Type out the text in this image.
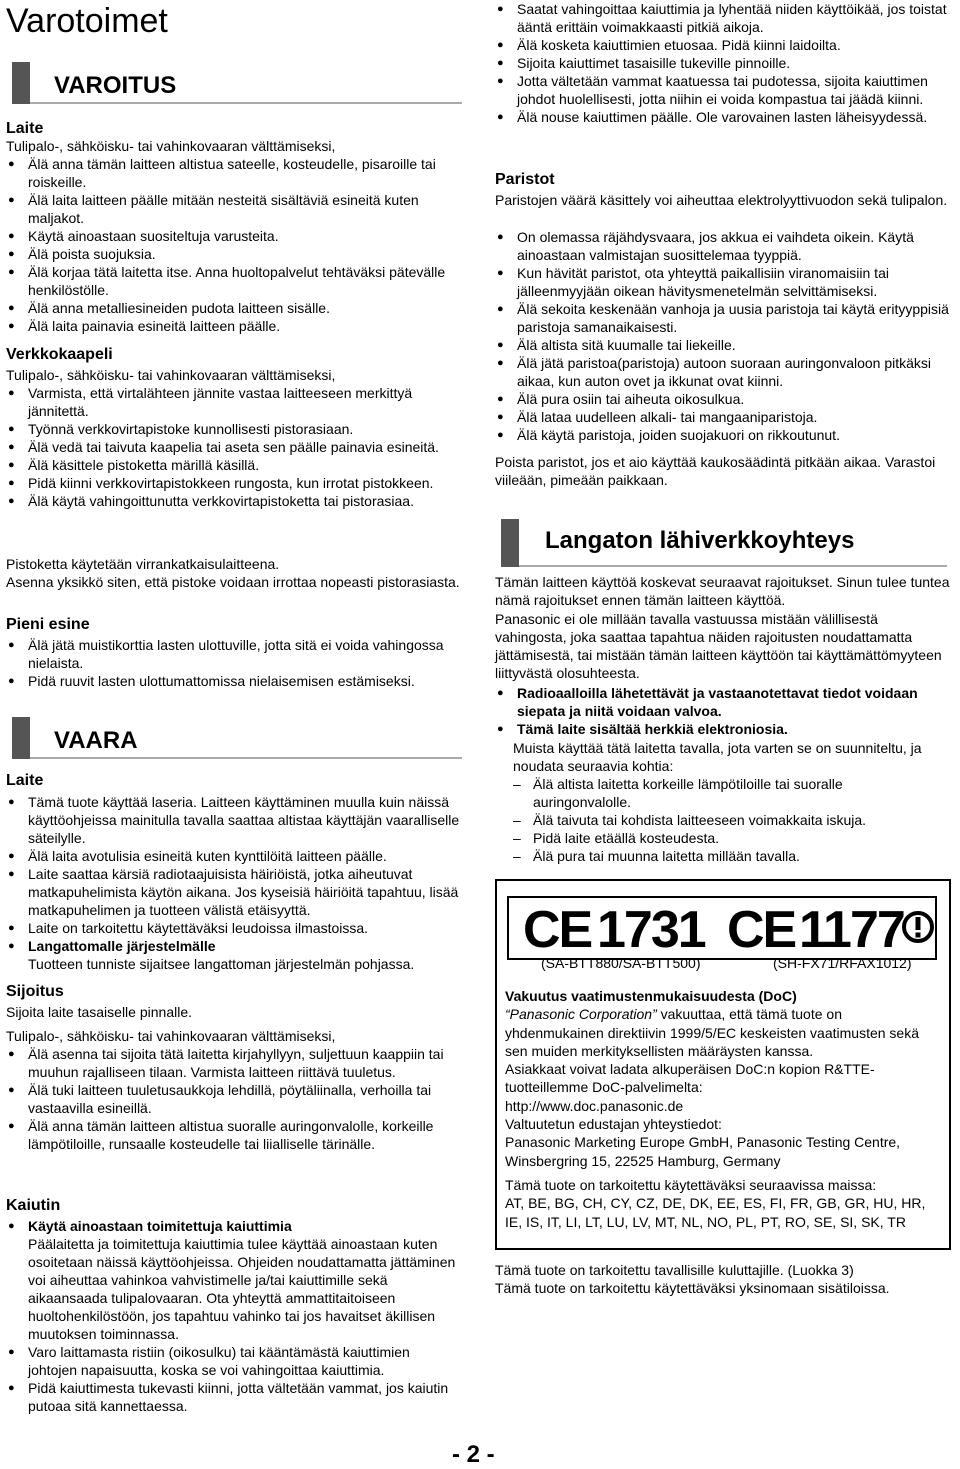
Varotoimet
VAROITUS
Laite
Tulipalo-, sähköisku- tai vahinkovaaran välttämiseksi,
● Älä anna tämän laitteen altistua sateelle, kosteudelle, pisaroille tai roiskeille.
● Älä laita laitteen päälle mitään nesteitä sisältäviä esineitä kuten maljakot.
● Käytä ainoastaan suositeltuja varusteita.
● Älä poista suojuksia.
● Älä korjaa tätä laitetta itse. Anna huoltopalvelut tehtäväksi pätevälle henkilöstölle.
● Älä anna metalliesineiden pudota laitteen sisälle.
● Älä laita painavia esineitä laitteen päälle.
Verkkokaapeli
Tulipalo-, sähköisku- tai vahinkovaaran välttämiseksi,
● Varmista, että virtalähteen jännite vastaa laitteeseen merkittyä jännitettä.
● Työnnä verkkovirtapistoke kunnollisesti pistorasiaan.
● Älä vedä tai taivuta kaapelia tai aseta sen päälle painavia esineitä.
● Älä käsittele pistoketta märillä käsillä.
● Pidä kiinni verkkovirtapistokkeen rungosta, kun irrotat pistokkeen.
● Älä käytä vahingoittunutta verkkovirtapistoketta tai pistorasiaa.
Pistoketta käytetään virrankatkaisulaitteena.
Asenna yksikkö siten, että pistoke voidaan irrottaa nopeasti pistorasiasta.
Pieni esine
● Älä jätä muistikorttia lasten ulottuville, jotta sitä ei voida vahingossa nielaista.
● Pidä ruuvit lasten ulottumattomissa nielaisemisen estämiseksi.
VAARA
Laite
● Tämä tuote käyttää laseria. Laitteen käyttäminen muulla kuin näissä käyttöohjeissa mainitulla tavalla saattaa altistaa käyttäjän vaaralliselle säteilylle.
● Älä laita avotulisia esineitä kuten kynttilöitä laitteen päälle.
● Laite saattaa kärsiä radiotaajuisista häiriöistä, jotka aiheutuvat matkapuhelimista käytön aikana. Jos kyseisiä häiriöitä tapahtuu, lisää matkapuhelimen ja tuotteen välistä etäisyyttä.
● Laite on tarkoitettu käytettäväksi leudoissa ilmastoissa.
● Langattomalle järjestelmälle
Tuotteen tunniste sijaitsee langattoman järjestelmän pohjassa.
Sijoitus
Sijoita laite tasaiselle pinnalle.
Tulipalo-, sähköisku- tai vahinkovaaran välttämiseksi,
● Älä asenna tai sijoita tätä laitetta kirjahyllyyn, suljettuun kaappiin tai muuhun rajalliseen tilaan. Varmista laitteen riittävä tuuletus.
● Älä tuki laitteen tuuletusaukkoja lehdillä, pöytäliinalla, verhoilla tai vastaavilla esineillä.
● Älä anna tämän laitteen altistua suoralle auringonvalolle, korkeille lämpötiloille, runsaalle kosteudelle tai liialliselle tärinälle.
Kaiutin
● Käytä ainoastaan toimitettuja kaiuttimia
Päälaitetta ja toimitettuja kaiuttimia tulee käyttää ainoastaan kuten osoitetaan näissä käyttöohjeissa. Ohjeiden noudattamatta jättäminen voi aiheuttaa vahinkoa vahvistimelle ja/tai kaiuttimille sekä aikaansaada tulipalovaaran. Ota yhteyttä ammattitaitoiseen huoltohenkilöstöön, jos tapahtuu vahinko tai jos havaitset äkillisen muutoksen toiminnassa.
● Varo laittamasta ristiin (oikosulku) tai kääntämästä kaiuttimien johtojen napaisuutta, koska se voi vahingoittaa kaiuttimia.
● Pidä kaiuttimesta tukevasti kiinni, jotta vältetään vammat, jos kaiutin putoaa sitä kannettaessa.
● Saatat vahingoittaa kaiuttimia ja lyhentää niiden käyttöikää, jos toistat ääntä erittäin voimakkaasti pitkiä aikoja.
● Älä kosketa kaiuttimien etuosaa. Pidä kiinni laidoilta.
● Sijoita kaiuttimet tasaisille tukeville pinnoille.
● Jotta vältetään vammat kaatuessa tai pudotessa, sijoita kaiuttimen johdot huolellisesti, jotta niihin ei voida kompastua tai jäädä kiinni.
● Älä nouse kaiuttimen päälle. Ole varovainen lasten läheisyydessä.
Paristot
Paristojen väärä käsittely voi aiheuttaa elektrolyyttivuodon sekä tulipalon.
● On olemassa räjähdysvaara, jos akkua ei vaihdeta oikein. Käytä ainoastaan valmistajan suosittelemaa tyyppiä.
● Kun hävität paristot, ota yhteyttä paikallisiin viranomaisiin tai jälleenmyyjään oikean hävitysmenetelmän selvittämiseksi.
● Älä sekoita keskenään vanhoja ja uusia paristoja tai käytä erityyppisiä paristoja samanaikaisesti.
● Älä altista sitä kuumalle tai liekeille.
● Älä jätä paristoa(paristoja) autoon suoraan auringonvaloon pitkäksi aikaa, kun auton ovet ja ikkunat ovat kiinni.
● Älä pura osiin tai aiheuta oikosulkua.
● Älä lataa uudelleen alkali- tai mangaaniparistoja.
● Älä käytä paristoja, joiden suojakuori on rikkoutunut.
Poista paristot, jos et aio käyttää kaukosäädintä pitkään aikaa. Varastoi viileään, pimeään paikkaan.
Langaton lähiverkkoyhteys
Tämän laitteen käyttöä koskevat seuraavat rajoitukset. Sinun tulee tuntea nämä rajoitukset ennen tämän laitteen käyttöä.
Panasonic ei ole millään tavalla vastuussa mistään välillisestä vahingosta, joka saattaa tapahtua näiden rajoitusten noudattamatta jättämisestä, tai mistään tämän laitteen käyttöön tai käyttämättömyyteen liittyvästä olosuhteesta.
● Radioaalloilla lähetettävät ja vastaanotettavat tiedot voidaan siepata ja niitä voidaan valvoa.
● Tämä laite sisältää herkkiä elektroniosia.
Muista käyttää tätä laitetta tavalla, jota varten se on suunniteltu, ja noudata seuraavia kohtia:
– Älä altista laitetta korkeille lämpötiloille tai suoralle auringonvalolle.
– Älä taivuta tai kohdista laitteeseen voimakkaita iskuja.
– Pidä laite etäällä kosteudesta.
– Älä pura tai muunna laitetta millään tavalla.
CE 1731 CE 1177
(SA-BTT880/SA-BTT500)	(SH-FX71/RFAX1012)
Vakuutus vaatimustenmukaisuudesta (DoC)
“Panasonic Corporation” vakuuttaa, että tämä tuote on yhdenmukainen direktiivin 1999/5/EC keskeisten vaatimusten sekä sen muiden merkityksellisten määräysten kanssa.
Asiakkaat voivat ladata alkuperäisen DoC:n kopion R&TTE-tuotteillemme DoC-palvelimelta:
http://www.doc.panasonic.de
Valtuutetun edustajan yhteystiedot:
Panasonic Marketing Europe GmbH, Panasonic Testing Centre, Winsbergring 15, 22525 Hamburg, Germany
Tämä tuote on tarkoitettu käytettäväksi seuraavissa maissa:
AT, BE, BG, CH, CY, CZ, DE, DK, EE, ES, FI, FR, GB, GR, HU, HR, IE, IS, IT, LI, LT, LU, LV, MT, NL, NO, PL, PT, RO, SE, SI, SK, TR
Tämä tuote on tarkoitettu tavallisille kuluttajille. (Luokka 3)
Tämä tuote on tarkoitettu käytettäväksi yksinomaan sisätiloissa.
- 2 -
